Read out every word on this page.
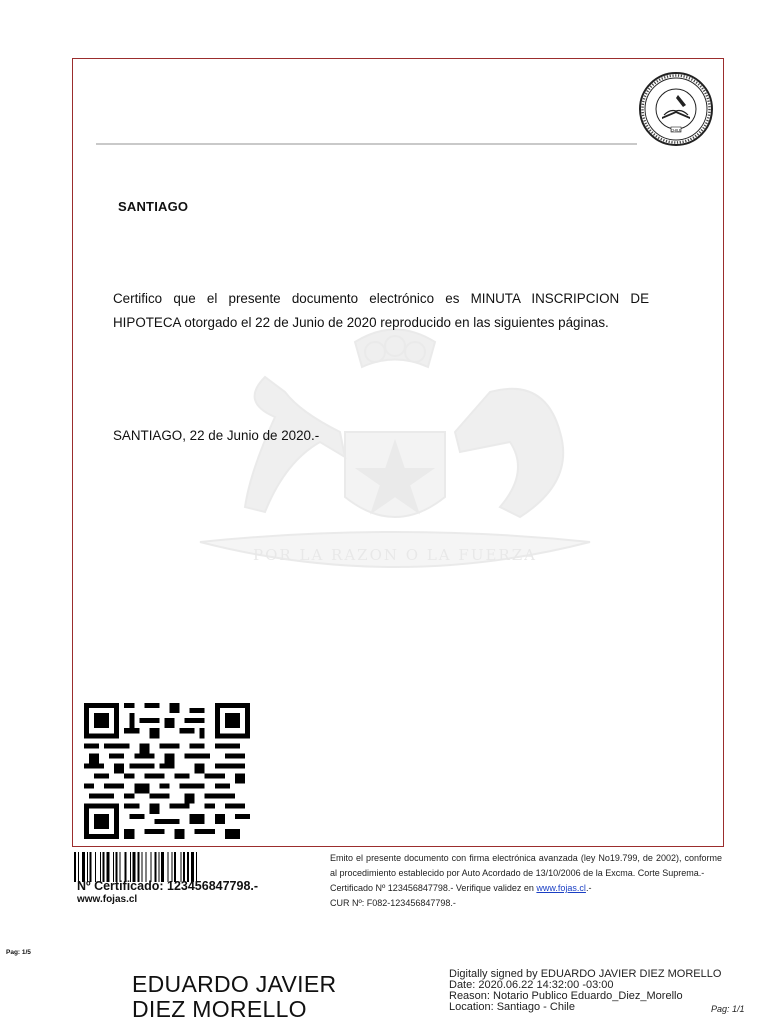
CHILE
POR LA RAZON O LA FUERZA
SANTIAGO
Certifico que el presente documento electrónico es MINUTA INSCRIPCION DE HIPOTECA otorgado el 22 de Junio de 2020 reproducido en las siguientes páginas.
SANTIAGO, 22 de Junio de 2020.-
Nº Certificado: 123456847798.-
www.fojas.cl
Emito el presente documento con firma electrónica avanzada (ley No19.799, de 2002), conforme al procedimiento establecido por Auto Acordado de 13/10/2006 de la Excma. Corte Suprema.-
Certificado Nº 123456847798.- Verifique validez en www.fojas.cl.-
CUR Nº: F082-123456847798.-
Pag: 1/5
EDUARDO JAVIER
DIEZ MORELLO
Digitally signed by EDUARDO JAVIER DIEZ MORELLO
Date: 2020.06.22 14:32:00 -03:00
Reason: Notario Publico Eduardo_Diez_Morello
Location: Santiago - Chile	Pag: 1/1
